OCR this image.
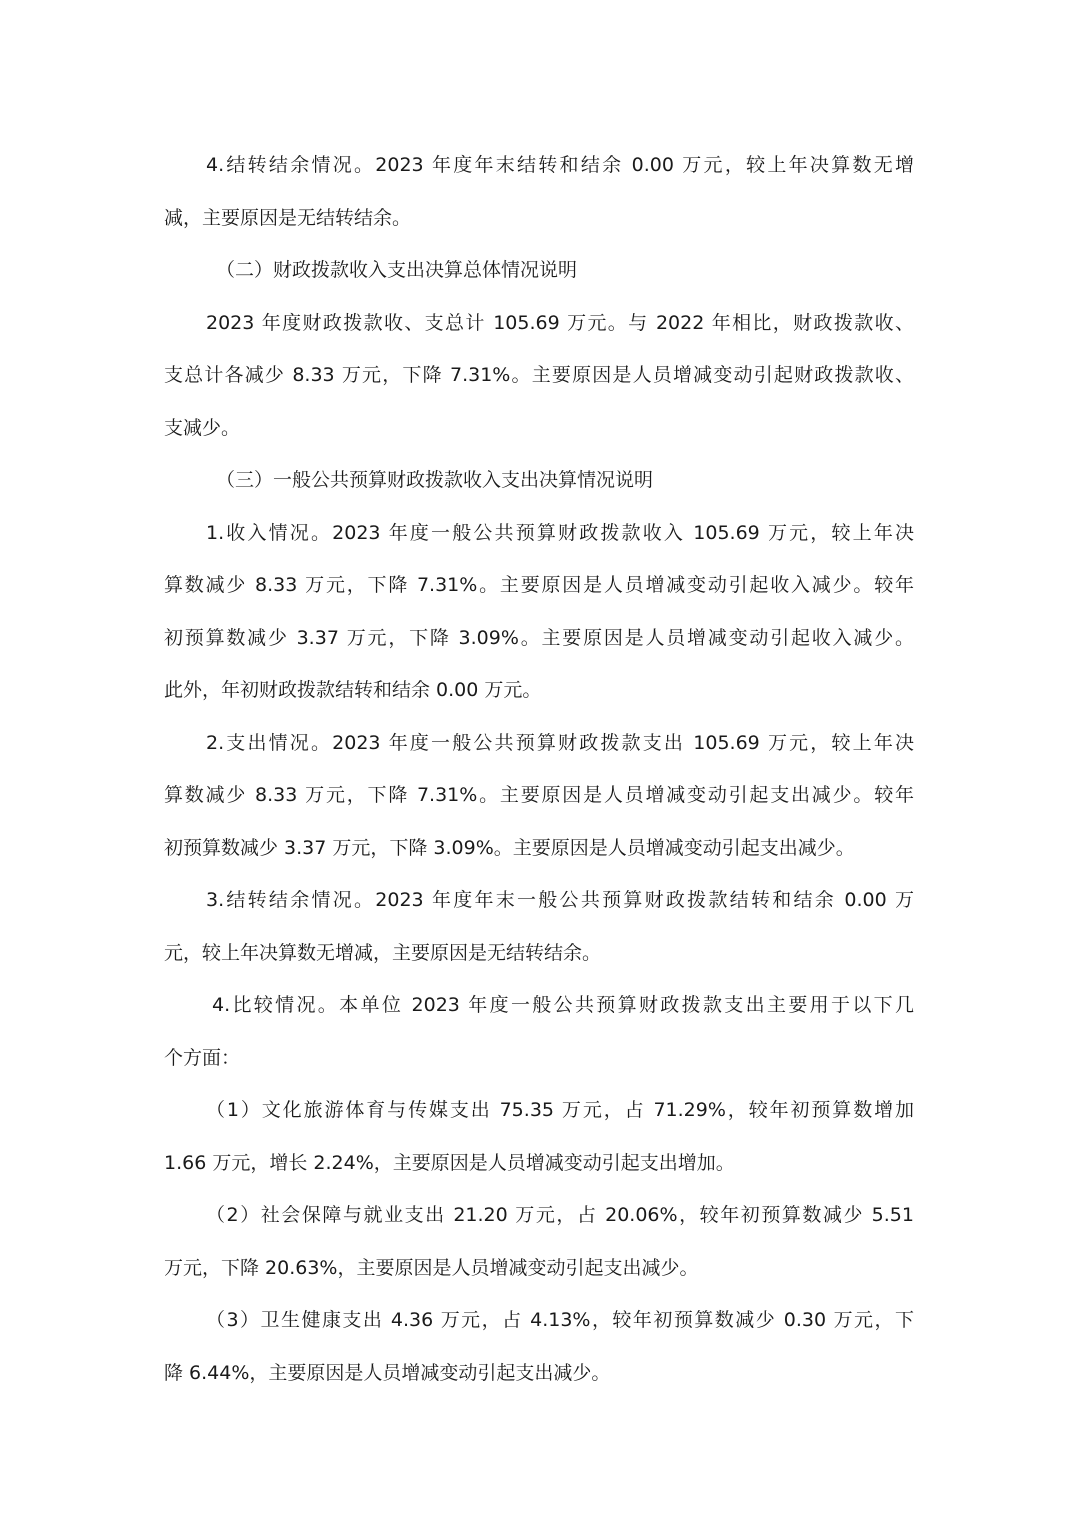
4.结转结余情况。2023 年度年末结转和结余 0.00 万元，较上年决算数无增
减，主要原因是无结转结余。
（二）财政拨款收入支出决算总体情况说明
2023 年度财政拨款收、支总计 105.69 万元。与 2022 年相比，财政拨款收、
支总计各减少 8.33 万元，下降 7.31%。主要原因是人员增减变动引起财政拨款收、
支减少。
（三）一般公共预算财政拨款收入支出决算情况说明
1.收入情况。2023 年度一般公共预算财政拨款收入 105.69 万元，较上年决
算数减少 8.33 万元，下降 7.31%。主要原因是人员增减变动引起收入减少。较年
初预算数减少 3.37 万元，下降 3.09%。主要原因是人员增减变动引起收入减少。
此外，年初财政拨款结转和结余 0.00 万元。
2.支出情况。2023 年度一般公共预算财政拨款支出 105.69 万元，较上年决
算数减少 8.33 万元，下降 7.31%。主要原因是人员增减变动引起支出减少。较年
初预算数减少 3.37 万元，下降 3.09%。主要原因是人员增减变动引起支出减少。
3.结转结余情况。2023 年度年末一般公共预算财政拨款结转和结余 0.00 万
元，较上年决算数无增减，主要原因是无结转结余。
4.比较情况。本单位 2023 年度一般公共预算财政拨款支出主要用于以下几
个方面：
（1）文化旅游体育与传媒支出 75.35 万元，占 71.29%，较年初预算数增加
1.66 万元，增长 2.24%，主要原因是人员增减变动引起支出增加。
（2）社会保障与就业支出 21.20 万元，占 20.06%，较年初预算数减少 5.51
万元，下降 20.63%，主要原因是人员增减变动引起支出减少。
（3）卫生健康支出 4.36 万元，占 4.13%，较年初预算数减少 0.30 万元，下
降 6.44%，主要原因是人员增减变动引起支出减少。
